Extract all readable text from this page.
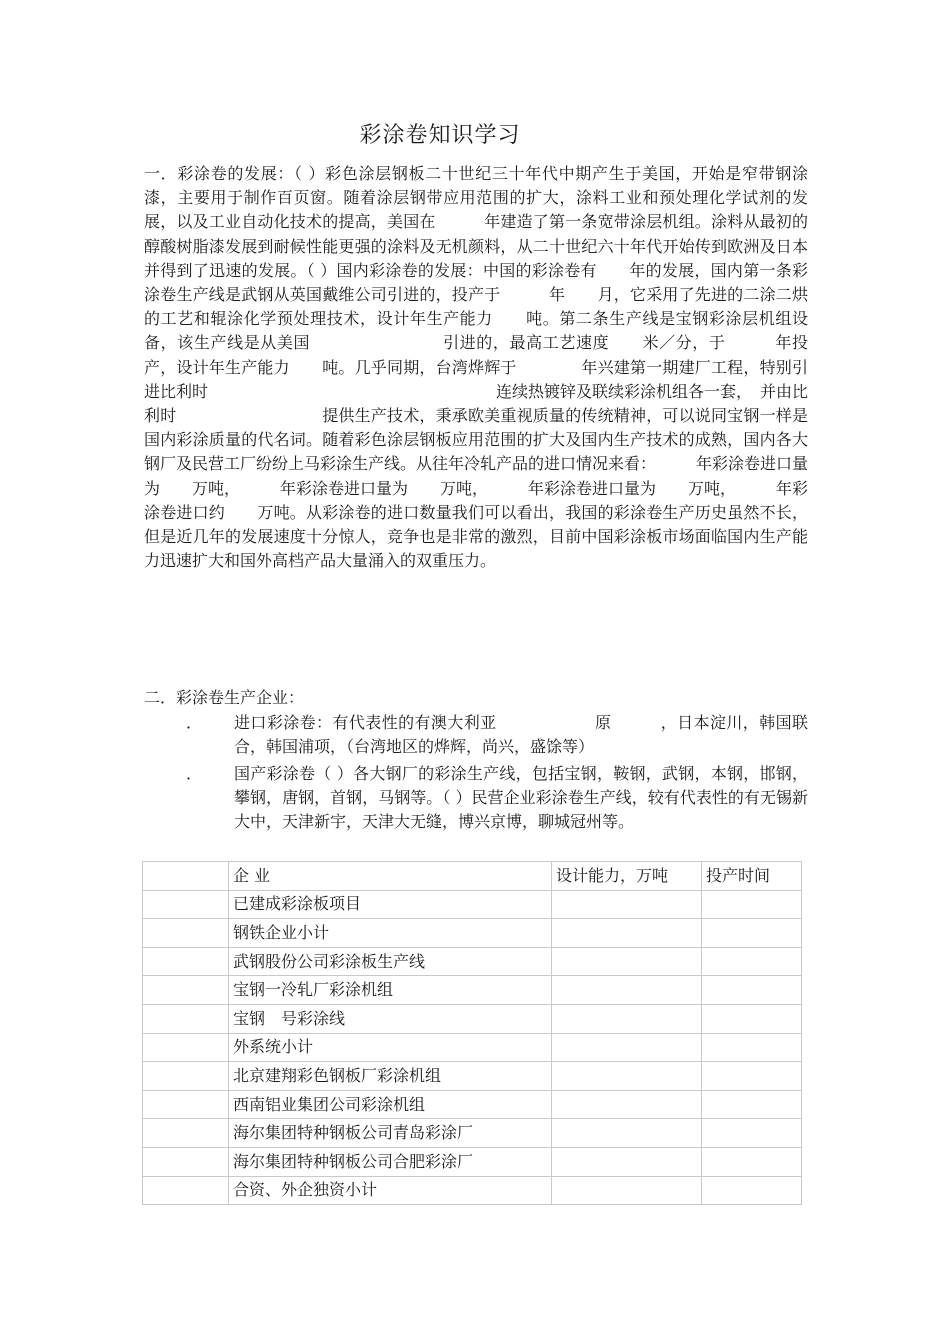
彩涂卷知识学习

一．彩涂卷的发展：（ ）彩色涂层钢板二十世纪三十年代中期产生于美国，开始是窄带钢涂漆，主要用于制作百页窗。随着涂层钢带应用范围的扩大，涂料工业和预处理化学试剂的发展，以及工业自动化技术的提高，美国在　　　年建造了第一条宽带涂层机组。涂料从最初的醇酸树脂漆发展到耐候性能更强的涂料及无机颜料，从二十世纪六十年代开始传到欧洲及日本并得到了迅速的发展。（ ）国内彩涂卷的发展：中国的彩涂卷有　　年的发展，国内第一条彩涂卷生产线是武钢从英国戴维公司引进的，投产于　　　年　　月，它采用了先进的二涂二烘的工艺和辊涂化学预处理技术，设计年生产能力　　吨。第二条生产线是宝钢彩涂层机组设备，该生产线是从美国　　　　　　　　引进的，最高工艺速度　　米／分，于　　　年投产，设计年生产能力　　吨。几乎同期，台湾烨辉于　　　　年兴建第一期建厂工程，特别引进比利时　　　　　　　　　　　　　　　　　　连续热镀锌及联续彩涂机组各一套，　并由比利时　　　　　　　　　提供生产技术，秉承欧美重视质量的传统精神，可以说同宝钢一样是国内彩涂质量的代名词。随着彩色涂层钢板应用范围的扩大及国内生产技术的成熟，国内各大钢厂及民营工厂纷纷上马彩涂生产线。从往年冷轧产品的进口情况来看：　　　年彩涂卷进口量为　　万吨，　　　年彩涂卷进口量为　　万吨，　　　年彩涂卷进口量为　　万吨，　　　年彩涂卷进口约　　万吨。从彩涂卷的进口数量我们可以看出，我国的彩涂卷生产历史虽然不长，但是近几年的发展速度十分惊人，竞争也是非常的激烈，目前中国彩涂板市场面临国内生产能力迅速扩大和国外高档产品大量涌入的双重压力。

二．彩涂卷生产企业：
． 进口彩涂卷：有代表性的有澳大利亚　　　　　　原　　　，日本淀川，韩国联合，韩国浦项，（台湾地区的烨辉，尚兴，盛馀等）
． 国产彩涂卷（ ）各大钢厂的彩涂生产线，包括宝钢，鞍钢，武钢，本钢，邯钢，攀钢，唐钢，首钢，马钢等。（ ）民营企业彩涂卷生产线，较有代表性的有无锡新大中，天津新宇，天津大无缝，博兴京博，聊城冠州等。
	企 业	设计能力，万吨	投产时间
	已建成彩涂板项目		
	钢铁企业小计		
	武钢股份公司彩涂板生产线		
	宝钢一冷轧厂彩涂机组		
	宝钢　号彩涂线		
	外系统小计		
	北京建翔彩色钢板厂彩涂机组		
	西南铝业集团公司彩涂机组		
	海尔集团特种钢板公司青岛彩涂厂		
	海尔集团特种钢板公司合肥彩涂厂		
	合资、外企独资小计		
